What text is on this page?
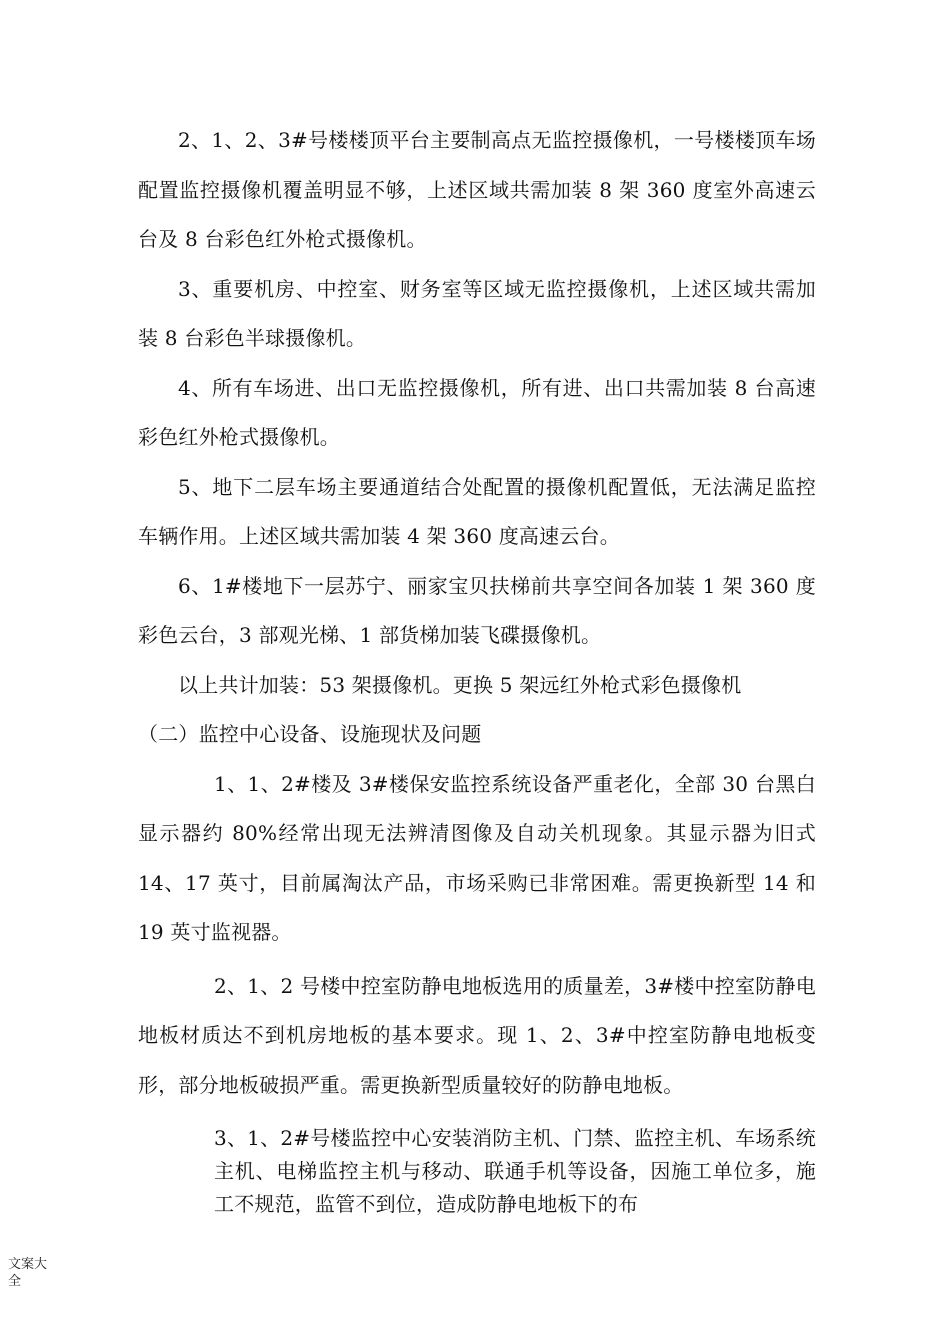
2、1、2、3#号楼楼顶平台主要制高点无监控摄像机，一号楼楼顶车场配置监控摄像机覆盖明显不够，上述区域共需加装 8 架 360 度室外高速云台及 8 台彩色红外枪式摄像机。

3、重要机房、中控室、财务室等区域无监控摄像机，上述区域共需加装 8 台彩色半球摄像机。

4、所有车场进、出口无监控摄像机，所有进、出口共需加装 8 台高速彩色红外枪式摄像机。

5、地下二层车场主要通道结合处配置的摄像机配置低，无法满足监控车辆作用。上述区域共需加装 4 架 360 度高速云台。

6、1#楼地下一层苏宁、丽家宝贝扶梯前共享空间各加装 1 架 360 度彩色云台，3 部观光梯、1 部货梯加装飞碟摄像机。

以上共计加装：53 架摄像机。更换 5 架远红外枪式彩色摄像机

（二）监控中心设备、设施现状及问题

1、1、2#楼及 3#楼保安监控系统设备严重老化，全部 30 台黑白显示器约 80%经常出现无法辨清图像及自动关机现象。其显示器为旧式 14、17 英寸，目前属淘汰产品，市场采购已非常困难。需更换新型 14 和 19 英寸监视器。

2、1、2 号楼中控室防静电地板选用的质量差，3#楼中控室防静电地板材质达不到机房地板的基本要求。现 1、2、3#中控室防静电地板变形，部分地板破损严重。需更换新型质量较好的防静电地板。

3、1、2#号楼监控中心安装消防主机、门禁、监控主机、车场系统主机、电梯监控主机与移动、联通手机等设备，因施工单位多，施工不规范，监管不到位，造成防静电地板下的布

文案大全
